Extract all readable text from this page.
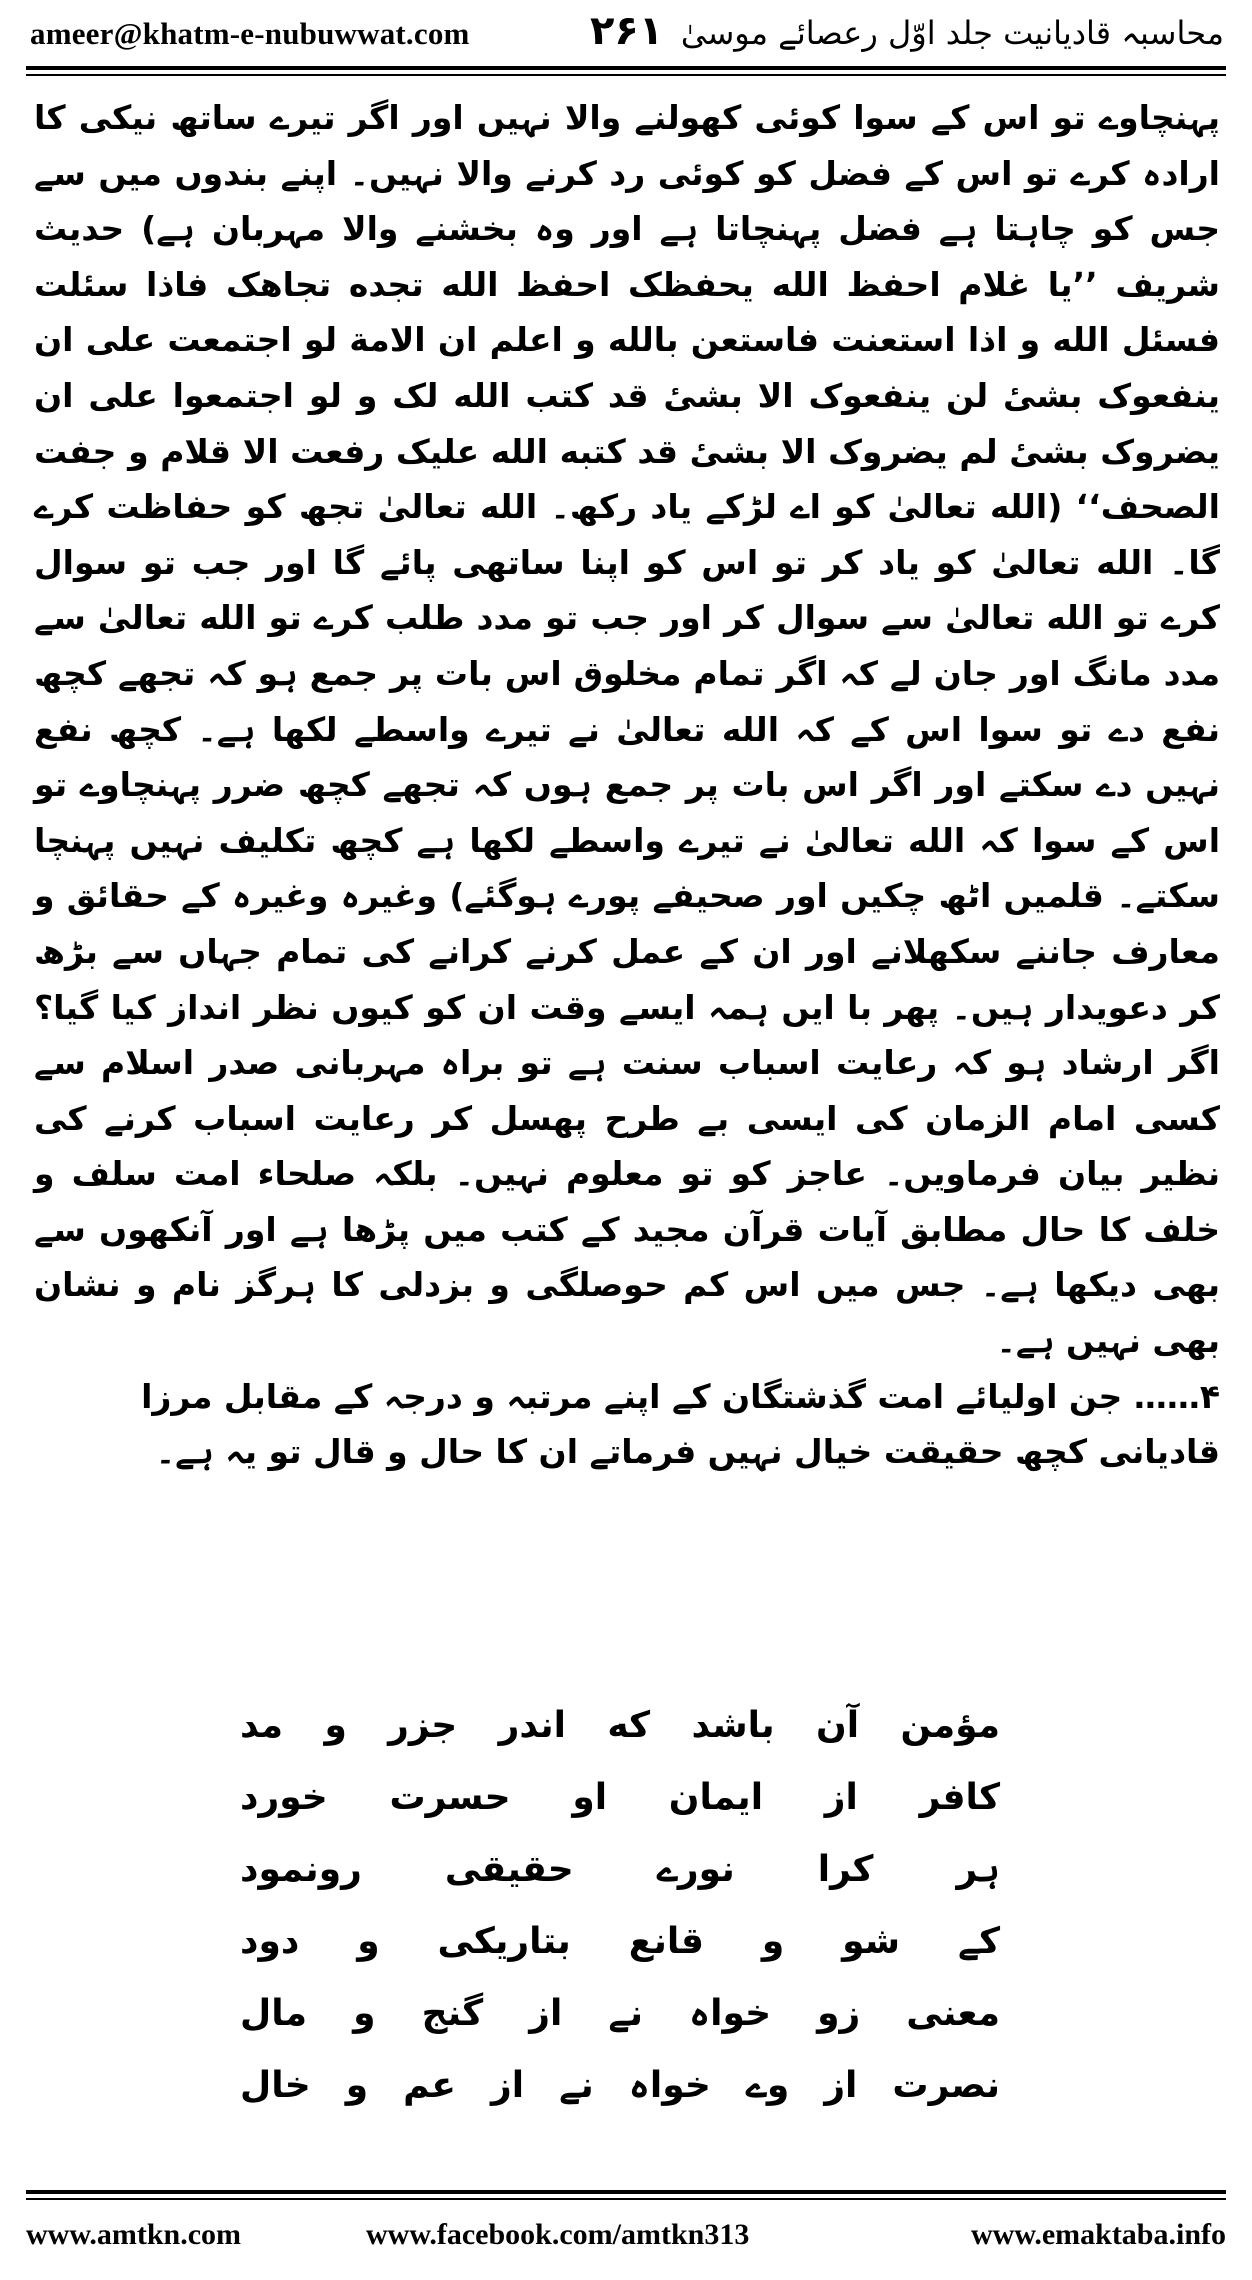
ameer@khatm-e-nubuwwat.com	۲۶۱ محاسبہ قادیانیت جلد اوّل رعصائے موسیٰ

پہنچاوے تو اس کے سوا کوئی کھولنے والا نہیں اور اگر تیرے ساتھ نیکی کا ارادہ کرے تو اس کے فضل کو کوئی رد کرنے والا نہیں۔ اپنے بندوں میں سے جس کو چاہتا ہے فضل پہنچاتا ہے اور وہ بخشنے والا مہربان ہے) حدیث شریف ’’یا غلام احفظ الله یحفظک احفظ الله تجده تجاھک فاذا سئلت فسئل الله و اذا استعنت فاستعن بالله و اعلم ان الامة لو اجتمعت علی ان ینفعوک بشیٔ لن ینفعوک الا بشیٔ قد کتب الله لک و لو اجتمعوا علی ان یضروک بشیٔ لم یضروک الا بشیٔ قد کتبه الله علیک رفعت الا قلام و جفت الصحف‘‘ (الله تعالیٰ کو اے لڑکے یاد رکھ۔ الله تعالیٰ تجھ کو حفاظت کرے گا۔ الله تعالیٰ کو یاد کر تو اس کو اپنا ساتھی پائے گا اور جب تو سوال کرے تو الله تعالیٰ سے سوال کر اور جب تو مدد طلب کرے تو الله تعالیٰ سے مدد مانگ اور جان لے کہ اگر تمام مخلوق اس بات پر جمع ہو کہ تجھے کچھ نفع دے تو سوا اس کے کہ الله تعالیٰ نے تیرے واسطے لکھا ہے۔ کچھ نفع نہیں دے سکتے اور اگر اس بات پر جمع ہوں کہ تجھے کچھ ضرر پہنچاوے تو اس کے سوا کہ الله تعالیٰ نے تیرے واسطے لکھا ہے کچھ تکلیف نہیں پہنچا سکتے۔ قلمیں اٹھ چکیں اور صحیفے پورے ہوگئے) وغیرہ وغیرہ کے حقائق و معارف جاننے سکھلانے اور ان کے عمل کرنے کرانے کی تمام جہاں سے بڑھ کر دعویدار ہیں۔ پھر با ایں ہمہ ایسے وقت ان کو کیوں نظر انداز کیا گیا؟ اگر ارشاد ہو کہ رعایت اسباب سنت ہے تو براہ مہربانی صدر اسلام سے کسی امام الزمان کی ایسی بے طرح پھسل کر رعایت اسباب کرنے کی نظیر بیان فرماویں۔ عاجز کو تو معلوم نہیں۔ بلکہ صلحاء امت سلف و خلف کا حال مطابق آیات قرآن مجید کے کتب میں پڑھا ہے اور آنکھوں سے بھی دیکھا ہے۔ جس میں اس کم حوصلگی و بزدلی کا ہرگز نام و نشان بھی نہیں ہے۔

۴…… جن اولیائے امت گذشتگان کے اپنے مرتبہ و درجہ کے مقابل مرزا قادیانی کچھ حقیقت خیال نہیں فرماتے ان کا حال و قال تو یہ ہے۔

مؤمن آن باشد که اندر جزر و مد
کافر از ایمان او حسرت خورد
ہر کرا نورے حقیقی رونمود
کے شو و قانع بتاریکی و دود
معنی زو خواہ نے از گنج و مال
نصرت از وے خواہ نے از عم و خال
www.amtkn.com	www.facebook.com/amtkn313	www.emaktaba.info
